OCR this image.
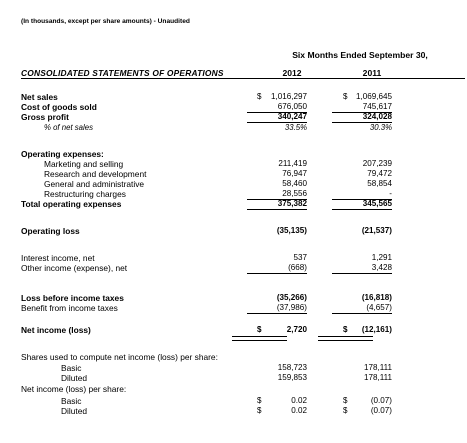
(In thousands, except per share amounts) - Unaudited
Six Months Ended September 30,
CONSOLIDATED STATEMENTS OF OPERATIONS	2012	2011
Net sales	$	1,016,297	$	1,069,645
Cost of goods sold	676,050	745,617
Gross profit	340,247	324,028
% of net sales	33.5%	30.3%
Operating expenses:
Marketing and selling	211,419	207,239
Research and development	76,947	79,472
General and administrative	58,460	58,854
Restructuring charges	28,556	-
Total operating expenses	375,382	345,565
Operating loss	(35,135)	(21,537)
Interest income, net	537	1,291
Other income (expense), net	(668)	3,428
Loss before income taxes	(35,266)	(16,818)
Benefit from income taxes	(37,986)	(4,657)
Net income (loss)	$	2,720	$	(12,161)
Shares used to compute net income (loss) per share:
Basic	158,723	178,111
Diluted	159,853	178,111
Net income (loss) per share:
Basic	$	0.02	$	(0.07)
Diluted	$	0.02	$	(0.07)
